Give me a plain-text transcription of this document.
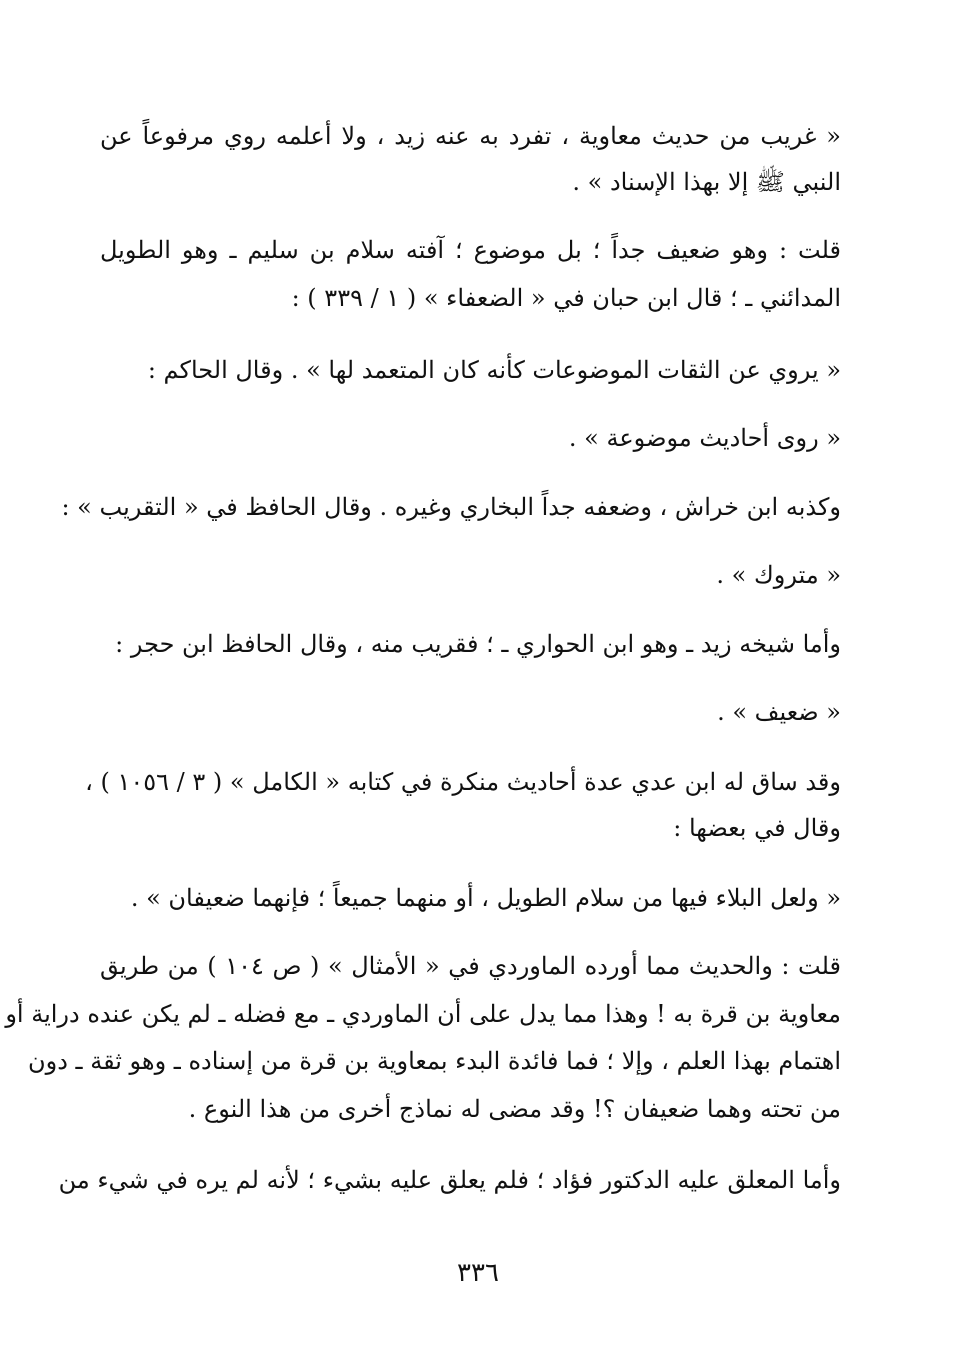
« غريب من حديث معاوية ، تفرد به عنه زيد ، ولا أعلمه روي مرفوعاً عن
النبي ﷺ إلا بهذا الإسناد » .
قلت : وهو ضعيف جداً ؛ بل موضوع ؛ آفته سلام بن سليم ـ وهو الطويل
المدائني ـ ؛ قال ابن حبان في « الضعفاء » ( ١ / ٣٣٩ ) :
« يروي عن الثقات الموضوعات كأنه كان المتعمد لها » . وقال الحاكم :
« روى أحاديث موضوعة » .
وكذبه ابن خراش ، وضعفه جداً البخاري وغيره . وقال الحافظ في « التقريب » :
« متروك » .
وأما شيخه زيد ـ وهو ابن الحواري ـ ؛ فقريب منه ، وقال الحافظ ابن حجر :
« ضعيف » .
وقد ساق له ابن عدي عدة أحاديث منكرة في كتابه « الكامل » ( ٣ / ١٠٥٦ ) ،
وقال في بعضها :
« ولعل البلاء فيها من سلام الطويل ، أو منهما جميعاً ؛ فإنهما ضعيفان » .
قلت : والحديث مما أورده الماوردي في « الأمثال » ( ص ١٠٤ ) من طريق
معاوية بن قرة به ! وهذا مما يدل على أن الماوردي ـ مع فضله ـ لم يكن عنده دراية أو
اهتمام بهذا العلم ، وإلا ؛ فما فائدة البدء بمعاوية بن قرة من إسناده ـ وهو ثقة ـ دون
من تحته وهما ضعيفان ؟! وقد مضى له نماذج أخرى من هذا النوع .
وأما المعلق عليه الدكتور فؤاد ؛ فلم يعلق عليه بشيء ؛ لأنه لم يره في شيء من
٣٣٦
